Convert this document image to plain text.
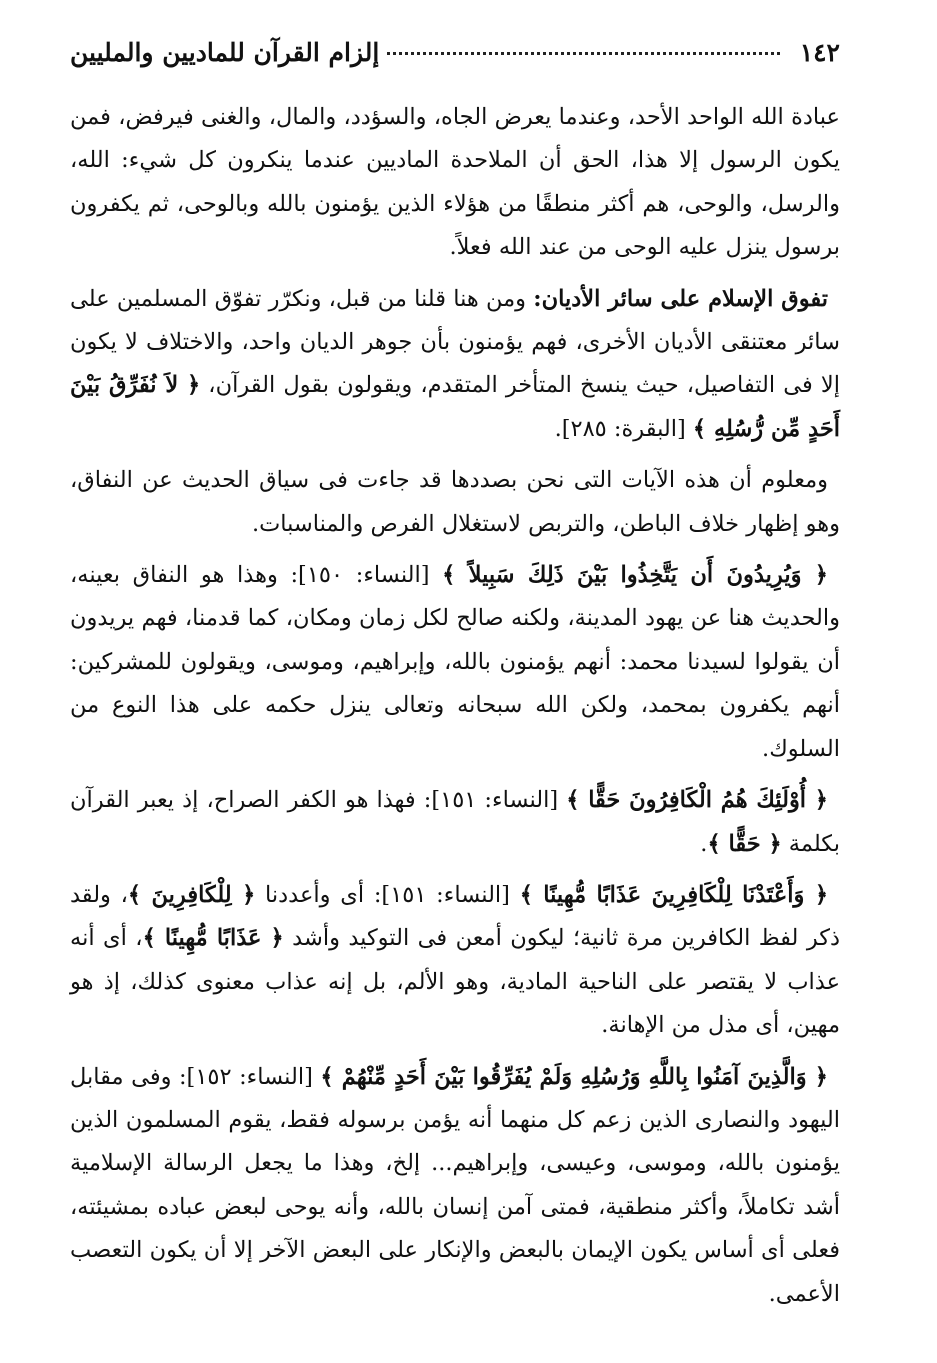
١٤٢
إلزام القرآن للماديين والمليين

عبادة الله الواحد الأحد، وعندما يعرض الجاه، والسؤدد، والمال، والغنى فيرفض، فمن يكون الرسول إلا هذا، الحق أن الملاحدة الماديين عندما ينكرون كل شيء: الله، والرسل، والوحى، هم أكثر منطقًا من هؤلاء الذين يؤمنون بالله وبالوحى، ثم يكفرون برسول ينزل عليه الوحى من عند الله فعلاً.

تفوق الإسلام على سائر الأديان: ومن هنا قلنا من قبل، ونكرّر تفوّق المسلمين على سائر معتنقى الأديان الأخرى، فهم يؤمنون بأن جوهر الديان واحد، والاختلاف لا يكون إلا فى التفاصيل، حيث ينسخ المتأخر المتقدم، ويقولون بقول القرآن، ﴿ لاَ نُفَرِّقُ بَيْنَ أَحَدٍ مِّن رُّسُلِهِ ﴾ [البقرة: ٢٨٥].

ومعلوم أن هذه الآيات التى نحن بصددها قد جاءت فى سياق الحديث عن النفاق، وهو إظهار خلاف الباطن، والتربص لاستغلال الفرص والمناسبات.

﴿ وَيُرِيدُونَ أَن يَتَّخِذُوا بَيْنَ ذَلِكَ سَبِيلاً ﴾ [النساء: ١٥٠]: وهذا هو النفاق بعينه، والحديث هنا عن يهود المدينة، ولكنه صالح لكل زمان ومكان، كما قدمنا، فهم يريدون أن يقولوا لسيدنا محمد: أنهم يؤمنون بالله، وإبراهيم، وموسى، ويقولون للمشركين: أنهم يكفرون بمحمد، ولكن الله سبحانه وتعالى ينزل حكمه على هذا النوع من السلوك.

﴿ أُوْلَئِكَ هُمُ الْكَافِرُونَ حَقًّا ﴾ [النساء: ١٥١]: فهذا هو الكفر الصراح، إذ يعبر القرآن بكلمة ﴿ حَقًّا ﴾.

﴿ وَأَعْتَدْنَا لِلْكَافِرِينَ عَذَابًا مُّهِينًا ﴾ [النساء: ١٥١]: أى وأعددنا ﴿ لِلْكَافِرِينَ ﴾، ولقد ذكر لفظ الكافرين مرة ثانية؛ ليكون أمعن فى التوكيد وأشد ﴿ عَذَابًا مُّهِينًا ﴾، أى أنه عذاب لا يقتصر على الناحية المادية، وهو الألم، بل إنه عذاب معنوى كذلك، إذ هو مهين، أى مذل من الإهانة.

﴿ وَالَّذِينَ آمَنُوا بِاللَّهِ وَرُسُلِهِ وَلَمْ يُفَرِّقُوا بَيْنَ أَحَدٍ مِّنْهُمْ ﴾ [النساء: ١٥٢]: وفى مقابل اليهود والنصارى الذين زعم كل منهما أنه يؤمن برسوله فقط، يقوم المسلمون الذين يؤمنون بالله، وموسى، وعيسى، وإبراهيم... إلخ، وهذا ما يجعل الرسالة الإسلامية أشد تكاملاً، وأكثر منطقية، فمتى آمن إنسان بالله، وأنه يوحى لبعض عباده بمشيئته، فعلى أى أساس يكون الإيمان بالبعض والإنكار على البعض الآخر إلا أن يكون التعصب الأعمى.
